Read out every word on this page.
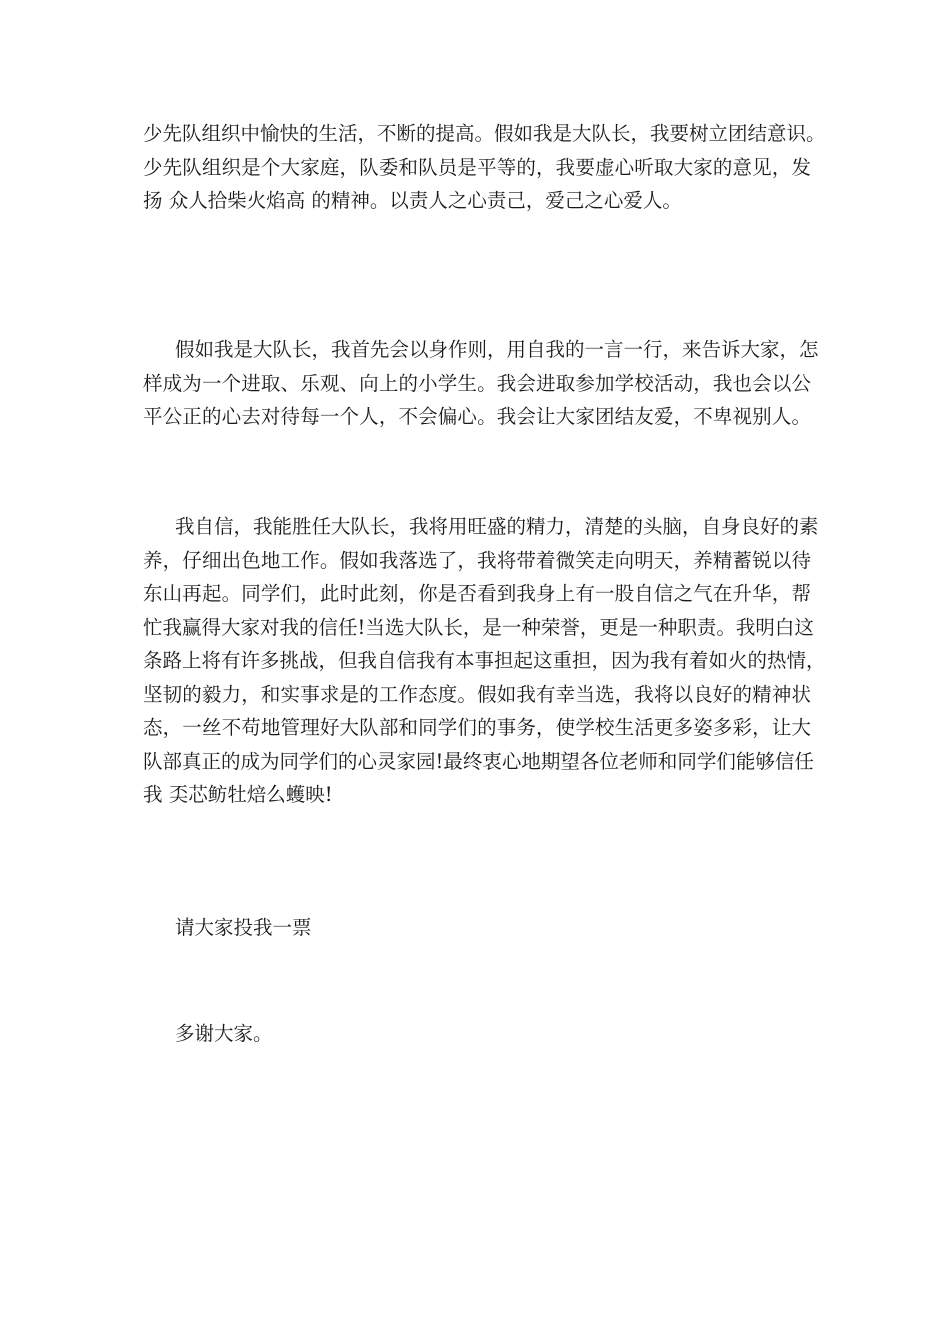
少先队组织中愉快的生活，不断的提高。假如我是大队长，我要树立团结意识。
少先队组织是个大家庭，队委和队员是平等的，我要虚心听取大家的意见，发
扬 众人拾柴火焰高 的精神。以责人之心责己，爱己之心爱人。
假如我是大队长，我首先会以身作则，用自我的一言一行，来告诉大家，怎
样成为一个进取、乐观、向上的小学生。我会进取参加学校活动，我也会以公
平公正的心去对待每一个人，不会偏心。我会让大家团结友爱，不卑视别人。
我自信，我能胜任大队长，我将用旺盛的精力，清楚的头脑，自身良好的素
养，仔细出色地工作。假如我落选了，我将带着微笑走向明天，养精蓄锐以待
东山再起。同学们，此时此刻，你是否看到我身上有一股自信之气在升华，帮
忙我赢得大家对我的信任!当选大队长，是一种荣誉，更是一种职责。我明白这
条路上将有许多挑战，但我自信我有本事担起这重担，因为我有着如火的热情，
坚韧的毅力，和实事求是的工作态度。假如我有幸当选，我将以良好的精神状
态，一丝不苟地管理好大队部和同学们的事务，使学校生活更多姿多彩，让大
队部真正的成为同学们的心灵家园!最终衷心地期望各位老师和同学们能够信任
我 奀芯鲂牡焙么蠖映!
请大家投我一票
多谢大家。
